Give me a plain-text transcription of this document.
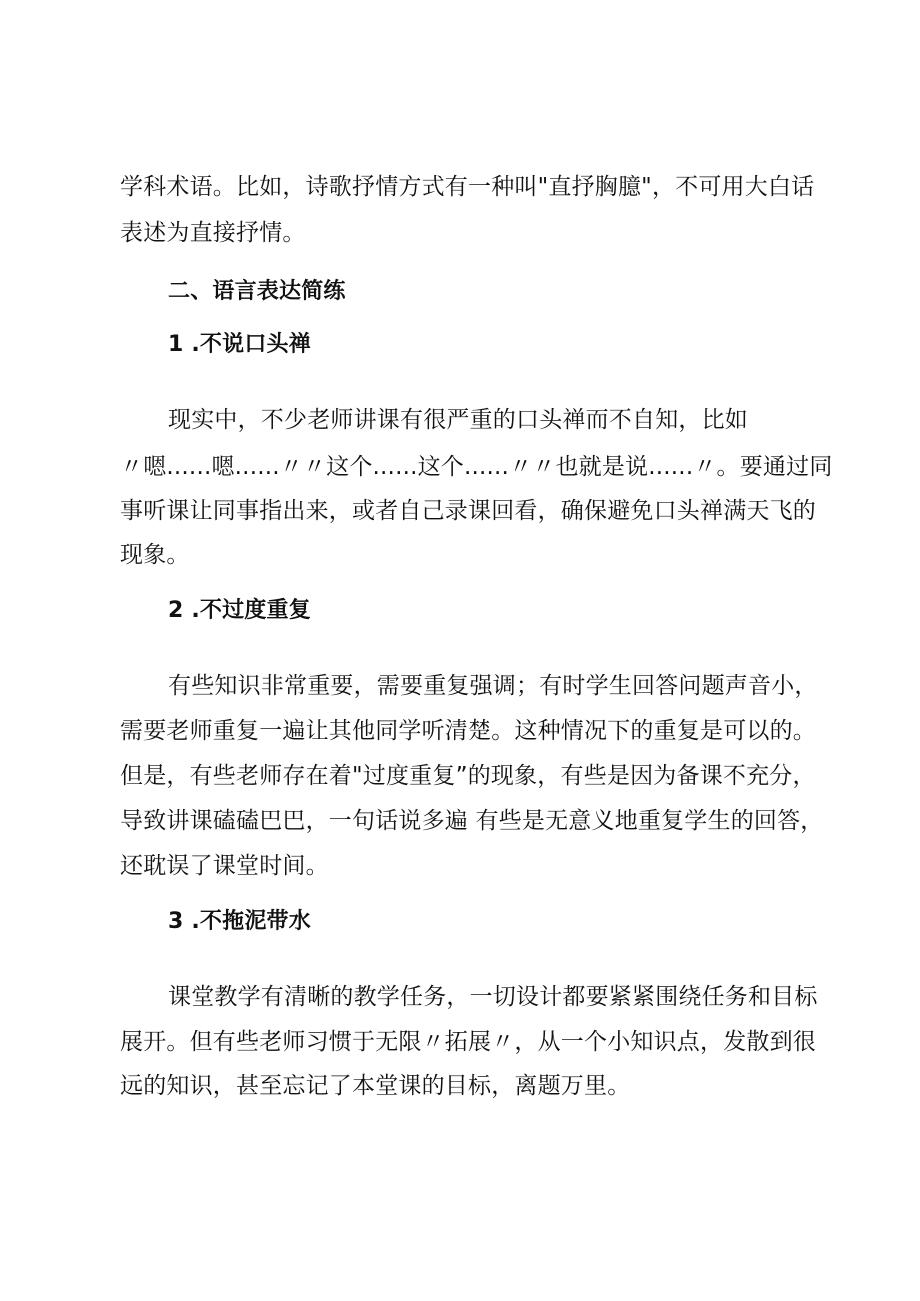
学科术语。比如，诗歌抒情方式有一种叫"直抒胸臆"，不可用大白话
表述为直接抒情。
二、语言表达简练
1 .不说口头禅
现实中，不少老师讲课有很严重的口头禅而不自知，比如
〃嗯......嗯......〃〃这个......这个......〃〃也就是说......〃。要通过同
事听课让同事指出来，或者自己录课回看，确保避免口头禅满天飞的
现象。
2 .不过度重复
有些知识非常重要，需要重复强调；有时学生回答问题声音小，
需要老师重复一遍让其他同学听清楚。这种情况下的重复是可以的。
但是，有些老师存在着"过度重复”的现象，有些是因为备课不充分，
导致讲课磕磕巴巴，一句话说多遍 有些是无意义地重复学生的回答，
还耽误了课堂时间。
3 .不拖泥带水
课堂教学有清晰的教学任务，一切设计都要紧紧围绕任务和目标
展开。但有些老师习惯于无限〃拓展〃，从一个小知识点，发散到很
远的知识，甚至忘记了本堂课的目标，离题万里。
